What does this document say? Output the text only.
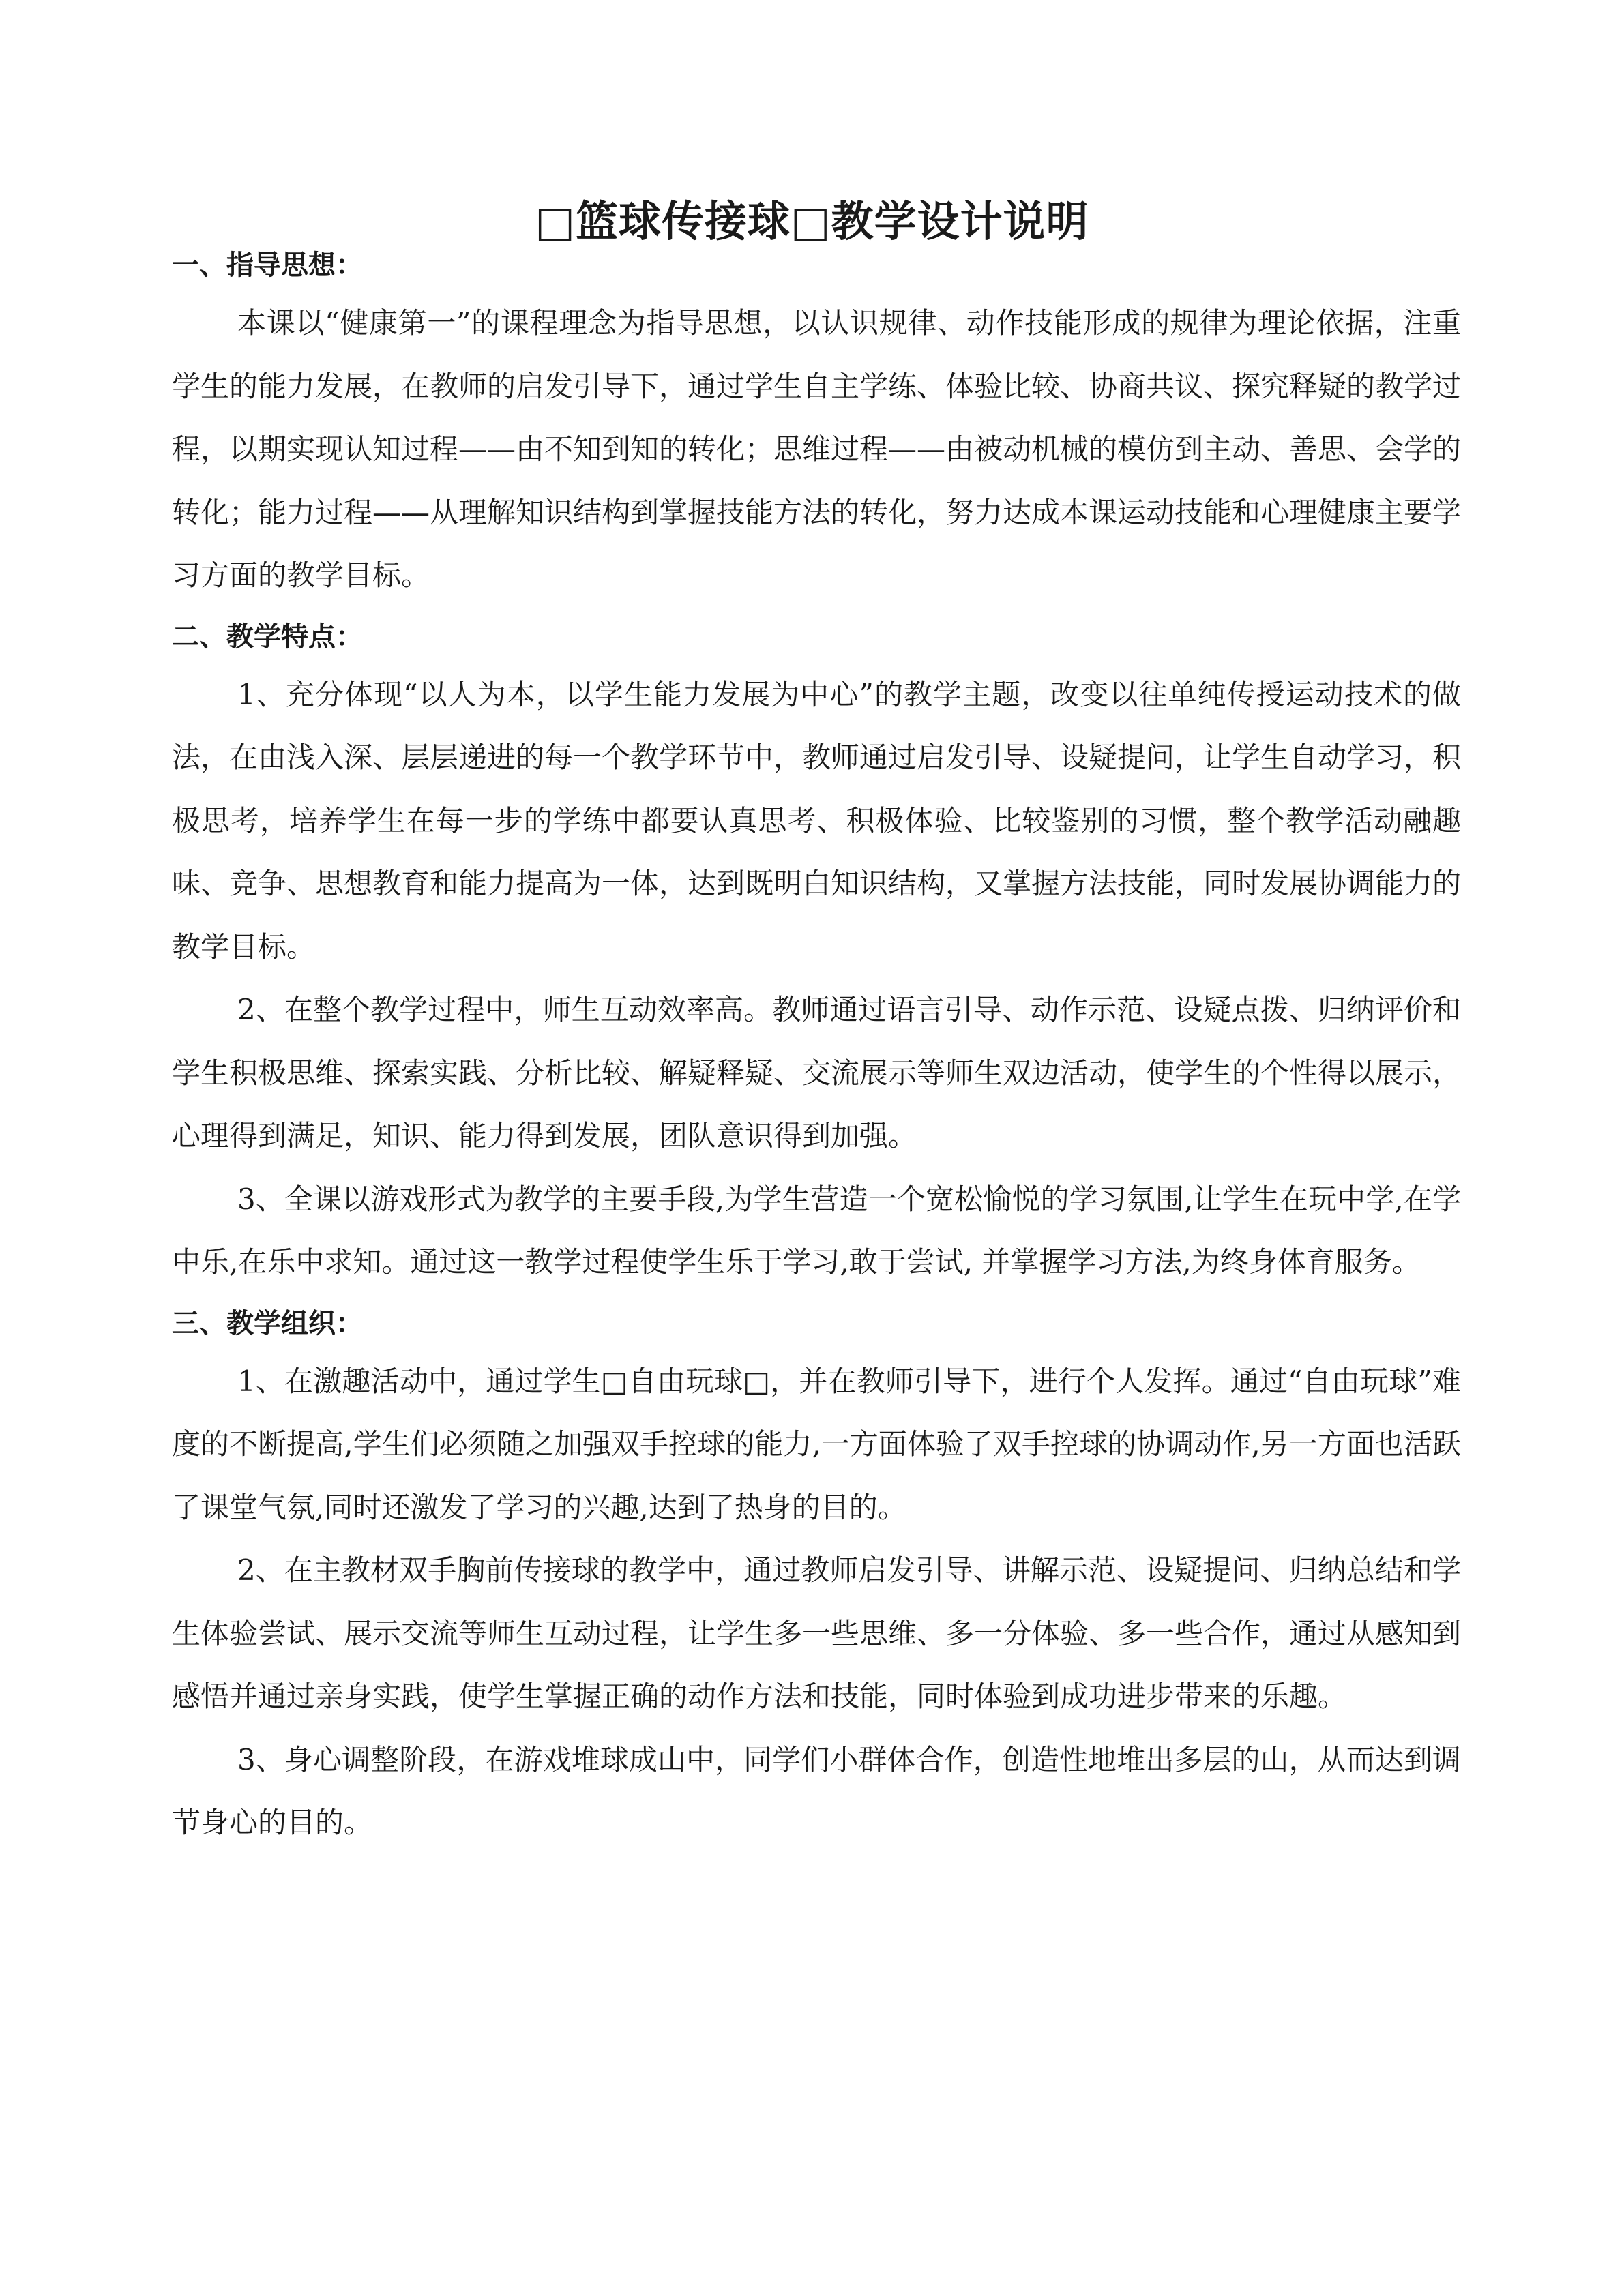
□篮球传接球□教学设计说明
一、指导思想：

本课以“健康第一”的课程理念为指导思想，以认识规律、动作技能形成的规律为理论依据，注重学生的能力发展，在教师的启发引导下，通过学生自主学练、体验比较、协商共议、探究释疑的教学过程，以期实现认知过程——由不知到知的转化；思维过程——由被动机械的模仿到主动、善思、会学的转化；能力过程——从理解知识结构到掌握技能方法的转化，努力达成本课运动技能和心理健康主要学习方面的教学目标。

二、教学特点：

1、充分体现“以人为本，以学生能力发展为中心”的教学主题，改变以往单纯传授运动技术的做法，在由浅入深、层层递进的每一个教学环节中，教师通过启发引导、设疑提问，让学生自动学习，积极思考，培养学生在每一步的学练中都要认真思考、积极体验、比较鉴别的习惯，整个教学活动融趣味、竞争、思想教育和能力提高为一体，达到既明白知识结构，又掌握方法技能，同时发展协调能力的教学目标。

2、在整个教学过程中，师生互动效率高。教师通过语言引导、动作示范、设疑点拨、归纳评价和学生积极思维、探索实践、分析比较、解疑释疑、交流展示等师生双边活动，使学生的个性得以展示，心理得到满足，知识、能力得到发展，团队意识得到加强。

3、全课以游戏形式为教学的主要手段,为学生营造一个宽松愉悦的学习氛围,让学生在玩中学,在学中乐,在乐中求知。通过这一教学过程使学生乐于学习,敢于尝试, 并掌握学习方法,为终身体育服务。

三、教学组织：

1、在激趣活动中，通过学生□自由玩球□，并在教师引导下，进行个人发挥。通过“自由玩球”难度的不断提高,学生们必须随之加强双手控球的能力,一方面体验了双手控球的协调动作,另一方面也活跃了课堂气氛,同时还激发了学习的兴趣,达到了热身的目的。

2、在主教材双手胸前传接球的教学中，通过教师启发引导、讲解示范、设疑提问、归纳总结和学生体验尝试、展示交流等师生互动过程，让学生多一些思维、多一分体验、多一些合作，通过从感知到感悟并通过亲身实践，使学生掌握正确的动作方法和技能，同时体验到成功进步带来的乐趣。

3、身心调整阶段，在游戏堆球成山中，同学们小群体合作，创造性地堆出多层的山，从而达到调节身心的目的。
